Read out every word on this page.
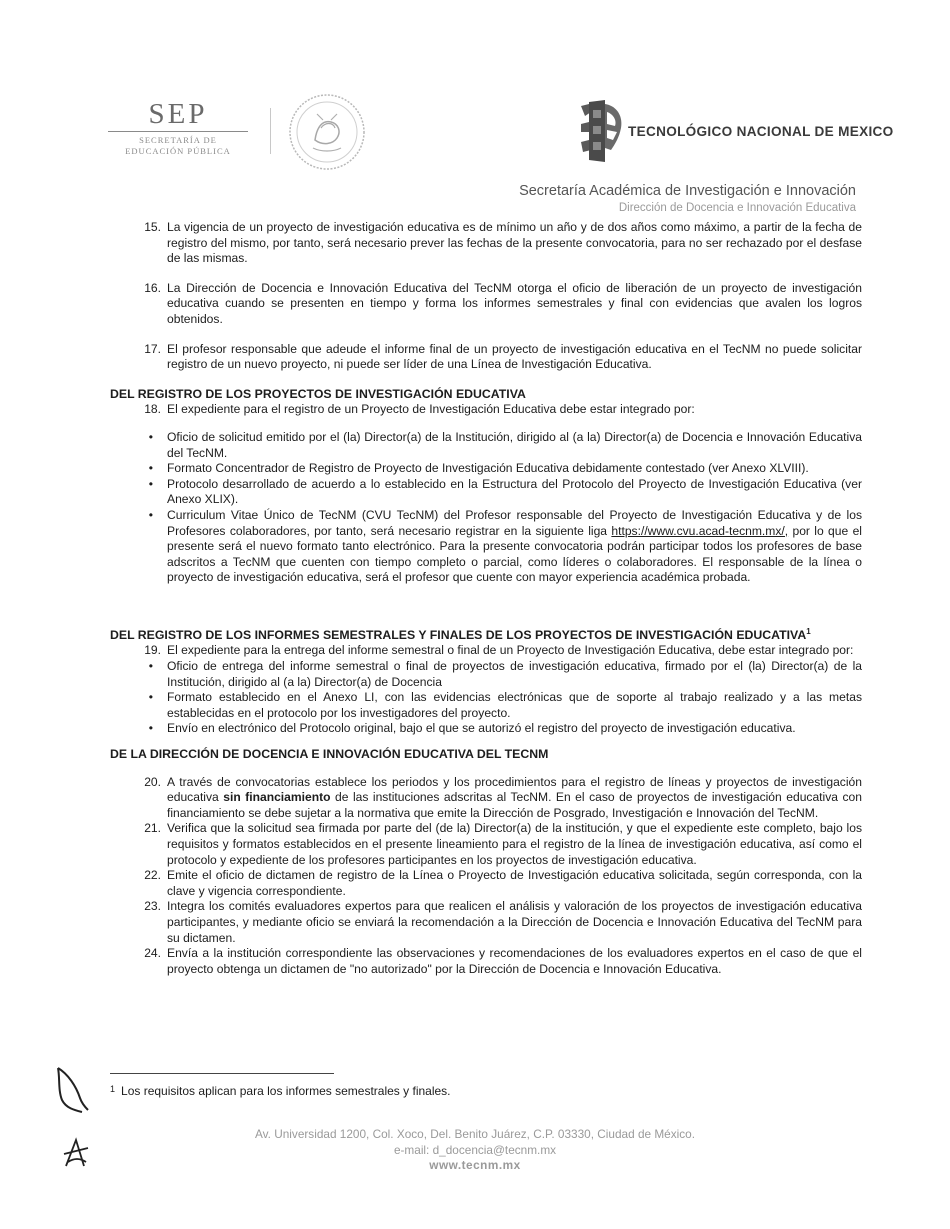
SEP
SECRETARÍA DE
EDUCACIÓN PÚBLICA
TECNOLÓGICO NACIONAL DE MEXICO
Secretaría Académica de Investigación e Innovación
Dirección de Docencia e Innovación Educativa
15. La vigencia de un proyecto de investigación educativa es de mínimo un año y de dos años como máximo, a partir de la fecha de registro del mismo, por tanto, será necesario prever las fechas de la presente convocatoria, para no ser rechazado por el desfase de las mismas.
16. La Dirección de Docencia e Innovación Educativa del TecNM otorga el oficio de liberación de un proyecto de investigación educativa cuando se presenten en tiempo y forma los informes semestrales y final con evidencias que avalen los logros obtenidos.
17. El profesor responsable que adeude el informe final de un proyecto de investigación educativa en el TecNM no puede solicitar registro de un nuevo proyecto, ni puede ser líder de una Línea de Investigación Educativa.
DEL REGISTRO DE LOS PROYECTOS DE INVESTIGACIÓN EDUCATIVA
18. El expediente para el registro de un Proyecto de Investigación Educativa debe estar integrado por:
•	Oficio de solicitud emitido por el (la) Director(a) de la Institución, dirigido al (a la) Director(a) de Docencia e Innovación Educativa del TecNM.
•	Formato Concentrador de Registro de Proyecto de Investigación Educativa debidamente contestado (ver Anexo XLVIII).
•	Protocolo desarrollado de acuerdo a lo establecido en la Estructura del Protocolo del Proyecto de Investigación Educativa (ver Anexo XLIX).
•	Curriculum Vitae Único de TecNM (CVU TecNM) del Profesor responsable del Proyecto de Investigación Educativa y de los Profesores colaboradores, por tanto, será necesario registrar en la siguiente liga https://www.cvu.acad-tecnm.mx/, por lo que el presente será el nuevo formato tanto electrónico. Para la presente convocatoria podrán participar todos los profesores de base adscritos a TecNM que cuenten con tiempo completo o parcial, como líderes o colaboradores. El responsable de la línea o proyecto de investigación educativa, será el profesor que cuente con mayor experiencia académica probada.
DEL REGISTRO DE LOS INFORMES SEMESTRALES Y FINALES DE LOS PROYECTOS DE INVESTIGACIÓN EDUCATIVA$^1$
19. El expediente para la entrega del informe semestral o final de un Proyecto de Investigación Educativa, debe estar integrado por:
•	Oficio de entrega del informe semestral o final de proyectos de investigación educativa, firmado por el (la) Director(a) de la Institución, dirigido al (a la) Director(a) de Docencia
•	Formato establecido en el Anexo LI, con las evidencias electrónicas que de soporte al trabajo realizado y a las metas establecidas en el protocolo por los investigadores del proyecto.
•	Envío en electrónico del Protocolo original, bajo el que se autorizó el registro del proyecto de investigación educativa.
DE LA DIRECCIÓN DE DOCENCIA E INNOVACIÓN EDUCATIVA DEL TECNM
20. A través de convocatorias establece los periodos y los procedimientos para el registro de líneas y proyectos de investigación educativa sin financiamiento de las instituciones adscritas al TecNM. En el caso de proyectos de investigación educativa con financiamiento se debe sujetar a la normativa que emite la Dirección de Posgrado, Investigación e Innovación del TecNM.
21. Verifica que la solicitud sea firmada por parte del (de la) Director(a) de la institución, y que el expediente este completo, bajo los requisitos y formatos establecidos en el presente lineamiento para el registro de la línea de investigación educativa, así como el protocolo y expediente de los profesores participantes en los proyectos de investigación educativa.
22. Emite el oficio de dictamen de registro de la Línea o Proyecto de Investigación educativa solicitada, según corresponda, con la clave y vigencia correspondiente.
23. Integra los comités evaluadores expertos para que realicen el análisis y valoración de los proyectos de investigación educativa participantes, y mediante oficio se enviará la recomendación a la Dirección de Docencia e Innovación Educativa del TecNM para su dictamen.
24. Envía a la institución correspondiente las observaciones y recomendaciones de los evaluadores expertos en el caso de que el proyecto obtenga un dictamen de "no autorizado" por la Dirección de Docencia e Innovación Educativa.
$^1$ Los requisitos aplican para los informes semestrales y finales.
Av. Universidad 1200, Col. Xoco, Del. Benito Juárez, C.P. 03330, Ciudad de México.
e-mail: d_docencia@tecnm.mx
www.tecnm.mx
